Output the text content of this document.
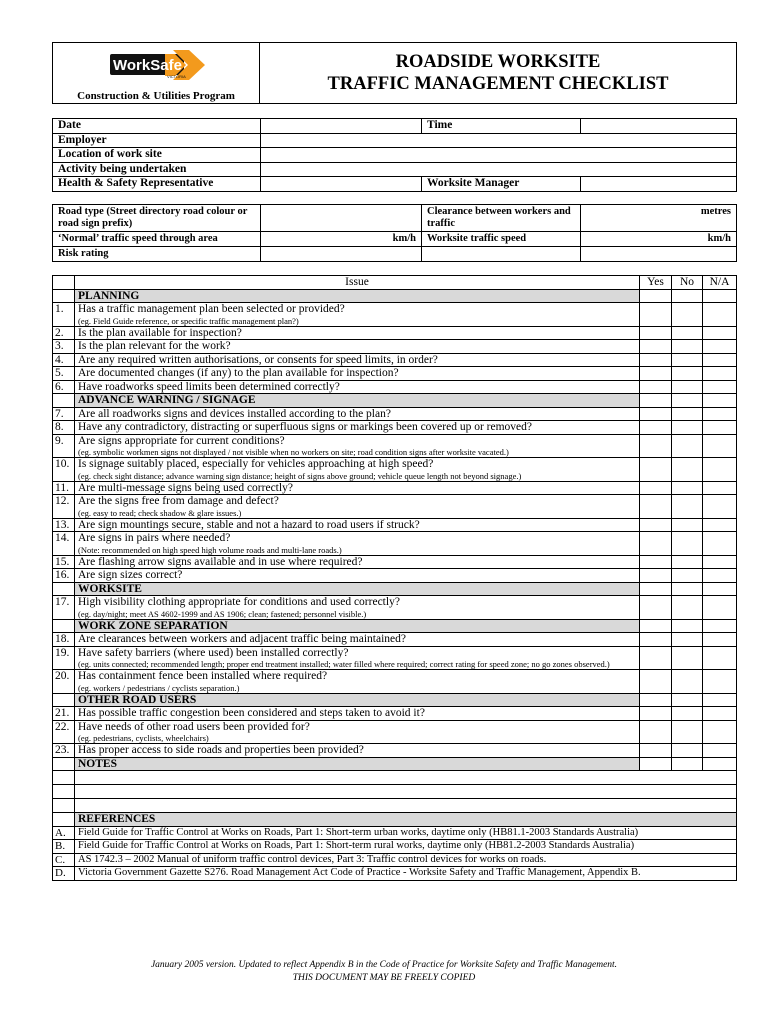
WorkSafe
VICTORIA
Construction & Utilities Program
	ROADSIDE WORKSITE
TRAFFIC MANAGEMENT CHECKLIST
Date		Time	
Employer			
Location of work site			
Activity being undertaken			
Health & Safety Representative		Worksite Manager	
Road type (Street directory road colour or road sign prefix)		Clearance between workers and traffic	metres
‘Normal’ traffic speed through area	km/h	Worksite traffic speed	km/h
Risk rating			
	Issue	Yes	No	N/A
	PLANNING			
1.	Has a traffic management plan been selected or provided?
(eg. Field Guide reference, or specific traffic management plan?)			

2.	Is the plan available for inspection?			
3.	Is the plan relevant for the work?			
4.	Are any required written authorisations, or consents for speed limits, in order?			
5.	Are documented changes (if any) to the plan available for inspection?			
6.	Have roadworks speed limits been determined correctly?			
	ADVANCE WARNING / SIGNAGE			
7.	Are all roadworks signs and devices installed according to the plan?			
8.	Have any contradictory, distracting or superfluous signs or markings been covered up or removed?			
9.	Are signs appropriate for current conditions?
(eg. symbolic workmen signs not displayed / not visible when no workers on site; road condition signs after worksite vacated.)			

10.	Is signage suitably placed, especially for vehicles approaching at high speed?
(eg. check sight distance; advance warning sign distance; height of signs above ground; vehicle queue length not beyond signage.)			

11.	Are multi-message signs being used correctly?			
12.	Are the signs free from damage and defect?
(eg. easy to read; check shadow & glare issues.)			

13.	Are sign mountings secure, stable and not a hazard to road users if struck?			
14.	Are signs in pairs where needed?
(Note: recommended on high speed high volume roads and multi-lane roads.)			

15.	Are flashing arrow signs available and in use where required?			
16.	Are sign sizes correct?			
	WORKSITE			
17.	High visibility clothing appropriate for conditions and used correctly?
(eg. day/night; meet AS 4602-1999 and AS 1906; clean; fastened; personnel visible.)			

	WORK ZONE SEPARATION			
18.	Are clearances between workers and adjacent traffic being maintained?			
19.	Have safety barriers (where used) been installed correctly?
(eg. units connected; recommended length; proper end treatment installed; water filled where required; correct rating for speed zone; no go zones observed.)			

20.	Has containment fence been installed where required?
(eg. workers / pedestrians / cyclists separation.)			

	OTHER ROAD USERS			
21.	Has possible traffic congestion been considered and steps taken to avoid it?			
22.	Have needs of other road users been provided for?
(eg. pedestrians, cyclists, wheelchairs)			

23.	Has proper access to side roads and properties been provided?			
	NOTES			

	REFERENCES			
A.	Field Guide for Traffic Control at Works on Roads, Part 1: Short-term urban works, daytime only (HB81.1-2003 Standards Australia)			
B.	Field Guide for Traffic Control at Works on Roads, Part 1: Short-term rural works, daytime only (HB81.2-2003 Standards Australia)			
C.	AS 1742.3 – 2002 Manual of uniform traffic control devices, Part 3: Traffic control devices for works on roads.			
D.	Victoria Government Gazette S276. Road Management Act Code of Practice - Worksite Safety and Traffic Management, Appendix B.			
January 2005 version. Updated to reflect Appendix B in the Code of Practice for Worksite Safety and Traffic Management.
THIS DOCUMENT MAY BE FREELY COPIED
